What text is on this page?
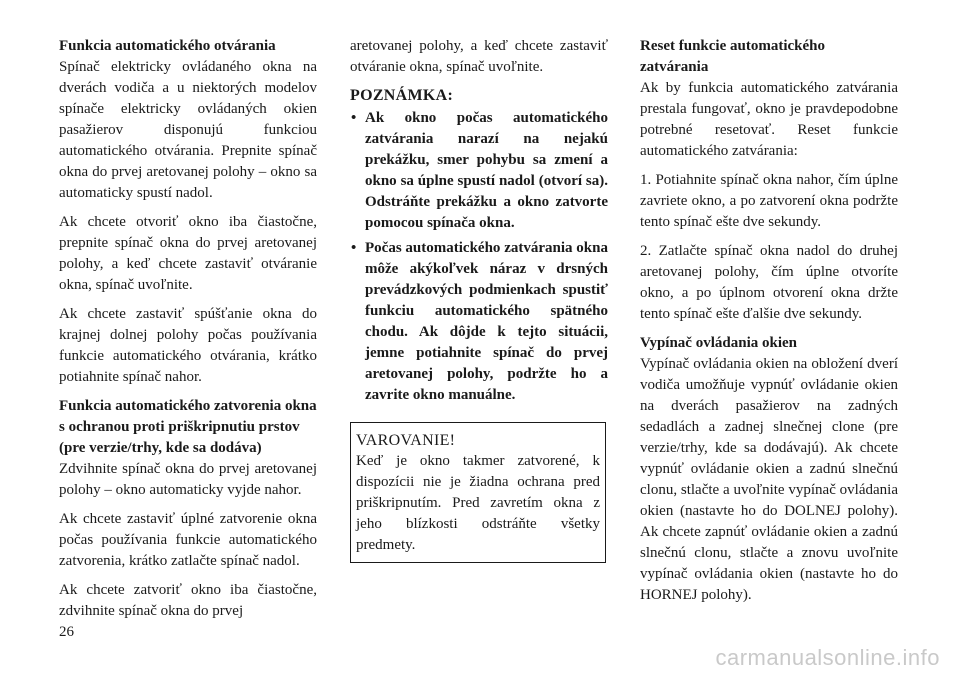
Funkcia automatického otvárania

Spínač elektricky ovládaného okna na dverách vodiča a u niektorých modelov spínače elektricky ovládaných okien pasažierov disponujú funkciou automatického otvárania. Prepnite spínač okna do prvej aretovanej polohy – okno sa automaticky spustí nadol.

Ak chcete otvoriť okno iba čiastočne, prepnite spínač okna do prvej aretovanej polohy, a keď chcete zastaviť otváranie okna, spínač uvoľnite.

Ak chcete zastaviť spúšťanie okna do krajnej dolnej polohy počas používania funkcie automatického otvárania, krátko potiahnite spínač nahor.

Funkcia automatického zatvorenia okna s ochranou proti priškripnutiu prstov (pre verzie/trhy, kde sa dodáva)

Zdvihnite spínač okna do prvej aretovanej polohy – okno automaticky vyjde nahor.

Ak chcete zastaviť úplné zatvorenie okna počas používania funkcie automatického zatvorenia, krátko zatlačte spínač nadol.

Ak chcete zatvoriť okno iba čiastočne, zdvihnite spínač okna do prvej

aretovanej polohy, a keď chcete zastaviť otváranie okna, spínač uvoľnite.

POZNÁMKA:
• Ak okno počas automatického zatvárania narazí na nejakú prekážku, smer pohybu sa zmení a okno sa úplne spustí nadol (otvorí sa). Odstráňte prekážku a okno zatvorte pomocou spínača okna.
• Počas automatického zatvárania okna môže akýkoľvek náraz v drsných prevádzkových podmienkach spustiť funkciu automatického spätného chodu. Ak dôjde k tejto situácii, jemne potiahnite spínač do prvej aretovanej polohy, podržte ho a zavrite okno manuálne.
VAROVANIE!

Keď je okno takmer zatvorené, k dispozícii nie je žiadna ochrana pred priškripnutím. Pred zavretím okna z jeho blízkosti odstráňte všetky predmety.

Reset funkcie automatického zatvárania

Ak by funkcia automatického zatvárania prestala fungovať, okno je pravdepodobne potrebné resetovať. Reset funkcie automatického zatvárania:

1. Potiahnite spínač okna nahor, čím úplne zavriete okno, a po zatvorení okna podržte tento spínač ešte dve sekundy.

2. Zatlačte spínač okna nadol do druhej aretovanej polohy, čím úplne otvoríte okno, a po úplnom otvorení okna držte tento spínač ešte ďalšie dve sekundy.

Vypínač ovládania okien

Vypínač ovládania okien na obložení dverí vodiča umožňuje vypnúť ovládanie okien na dverách pasažierov na zadných sedadlách a zadnej slnečnej clone (pre verzie/trhy, kde sa dodávajú). Ak chcete vypnúť ovládanie okien a zadnú slnečnú clonu, stlačte a uvoľnite vypínač ovládania okien (nastavte ho do DOLNEJ polohy). Ak chcete zapnúť ovládanie okien a zadnú slnečnú clonu, stlačte a znovu uvoľnite vypínač ovládania okien (nastavte ho do HORNEJ polohy).

26
carmanualsonline.info
